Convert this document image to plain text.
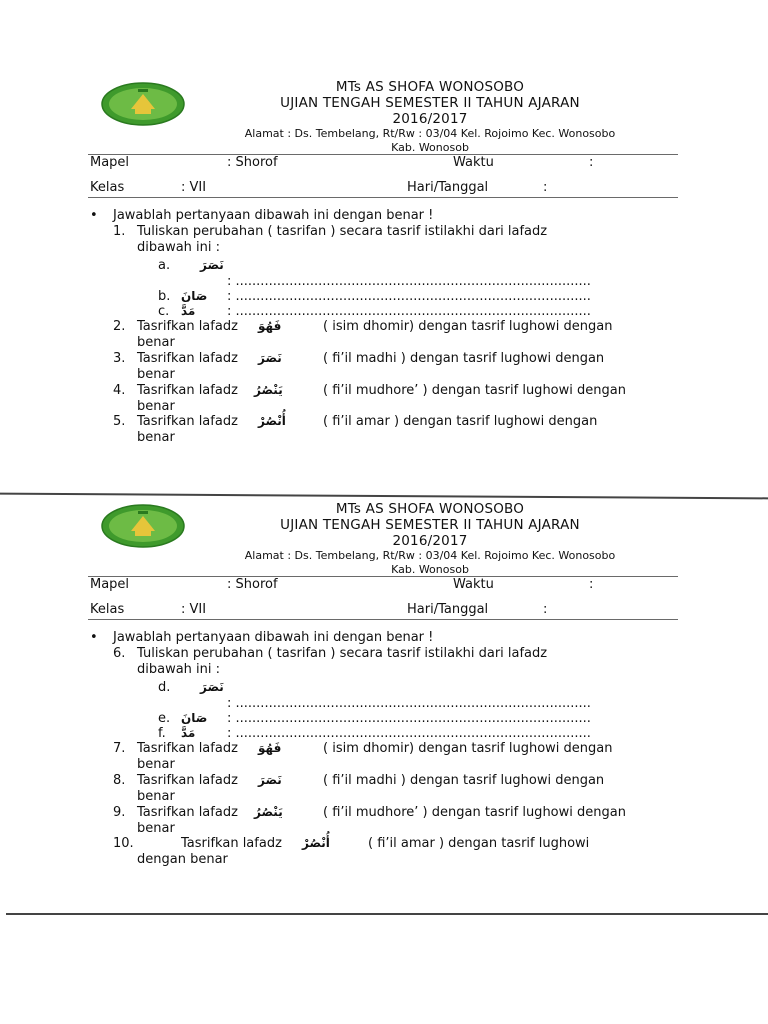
MTs AS SHOFA WONOSOBO
UJIAN TENGAH SEMESTER II TAHUN AJARAN
2016/2017
Alamat : Ds. Tembelang, Rt/Rw : 03/04 Kel. Rojoimo Kec. Wonosobo
Kab. Wonosob
Mapel	: Shorof	Waktu	:
Kelas	: VII	Hari/Tanggal	:
• Jawablah pertanyaan dibawah ini dengan benar !
1. Tuliskan perubahan ( tasrifan ) secara tasrif istilakhi dari lafadz
dibawah ini :
a. نَصَرَ
: ......................................................................................
b. صَانَ : ......................................................................................
c. مَدَّ : ......................................................................................
2. Tasrifkan lafadz فَهُوَ	( isim dhomir) dengan tasrif lughowi dengan
benar
3. Tasrifkan lafadz نَصَرَ	( fi’il madhi ) dengan tasrif lughowi dengan
benar
4. Tasrifkan lafadz يَنْصُرُ	( fi’il mudhore’ ) dengan tasrif lughowi dengan
benar
5. Tasrifkan lafadz أُنْصُرْ	( fi’il amar ) dengan tasrif lughowi dengan
benar
MTs AS SHOFA WONOSOBO
UJIAN TENGAH SEMESTER II TAHUN AJARAN
2016/2017
Alamat : Ds. Tembelang, Rt/Rw : 03/04 Kel. Rojoimo Kec. Wonosobo
Kab. Wonosob
Mapel	: Shorof	Waktu	:
Kelas	: VII	Hari/Tanggal	:
• Jawablah pertanyaan dibawah ini dengan benar !
6. Tuliskan perubahan ( tasrifan ) secara tasrif istilakhi dari lafadz
dibawah ini :
d. نَصَرَ
: ......................................................................................
e. صَانَ : ......................................................................................
f. مَدَّ : ......................................................................................
7. Tasrifkan lafadz فَهُوَ	( isim dhomir) dengan tasrif lughowi dengan
benar
8. Tasrifkan lafadz نَصَرَ	( fi’il madhi ) dengan tasrif lughowi dengan
benar
9. Tasrifkan lafadz يَنْصُرُ	( fi’il mudhore’ ) dengan tasrif lughowi dengan
benar
10.	Tasrifkan lafadz أُنْصُرْ	( fi’il amar ) dengan tasrif lughowi
dengan benar
